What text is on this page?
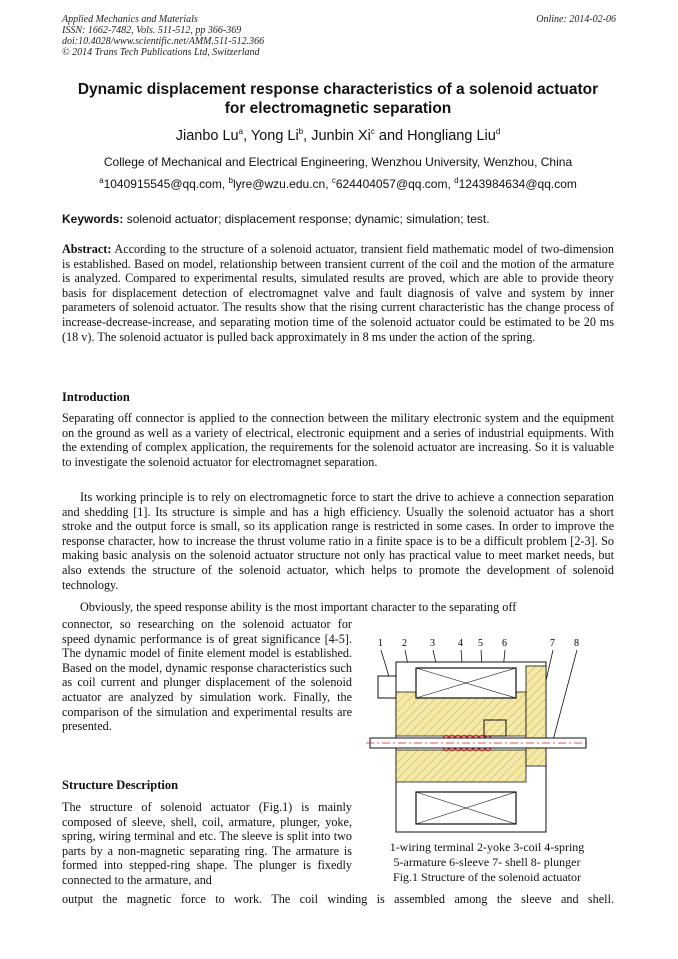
Applied Mechanics and Materials
ISSN: 1662-7482, Vols. 511-512, pp 366-369
doi:10.4028/www.scientific.net/AMM.511-512.366
© 2014 Trans Tech Publications Ltd, Switzerland
Online: 2014-02-06
Dynamic displacement response characteristics of a solenoid actuator
for electromagnetic separation
Jianbo Lu$^a$, Yong Li$^b$, Junbin Xi$^c$ and Hongliang Liu$^d$
College of Mechanical and Electrical Engineering, Wenzhou University, Wenzhou, China
$^a$1040915545@qq.com, $^b$lyre@wzu.edu.cn, $^c$624404057@qq.com, $^d$1243984634@qq.com
Keywords: solenoid actuator; displacement response; dynamic; simulation; test.
Abstract: According to the structure of a solenoid actuator, transient field mathematic model of two-dimension is established. Based on model, relationship between transient current of the coil and the motion of the armature is analyzed. Compared to experimental results, simulated results are proved, which are able to provide theory basis for displacement detection of electromagnet valve and fault diagnosis of valve and system by inner parameters of solenoid actuator. The results show that the rising current characteristic has the change process of increase-decrease-increase, and separating motion time of the solenoid actuator could be estimated to be 20 ms (18 v). The solenoid actuator is pulled back approximately in 8 ms under the action of the spring.
Introduction
Separating off connector is applied to the connection between the military electronic system and the equipment on the ground as well as a variety of electrical, electronic equipment and a series of industrial equipments. With the extending of complex application, the requirements for the solenoid actuator are increasing. So it is valuable to investigate the solenoid actuator for electromagnet separation.
Its working principle is to rely on electromagnetic force to start the drive to achieve a connection separation and shedding [1]. Its structure is simple and has a high efficiency. Usually the solenoid actuator has a short stroke and the output force is small, so its application range is restricted in some cases. In order to improve the response character, how to increase the thrust volume ratio in a finite space is to be a difficult problem [2-3]. So making basic analysis on the solenoid actuator structure not only has practical value to meet market needs, but also extends the structure of the solenoid actuator, which helps to promote the development of solenoid technology.
Obviously, the speed response ability is the most important character to the separating off
connector, so researching on the solenoid actuator for speed dynamic performance is of great significance [4-5]. The dynamic model of finite element model is established. Based on the model, dynamic response characteristics such as coil current and plunger displacement of the solenoid actuator are analyzed by simulation work. Finally, the comparison of the simulation and experimental results are presented.
Structure Description
The structure of solenoid actuator (Fig.1) is mainly composed of sleeve, shell, coil, armature, plunger, yoke, spring, wiring terminal and etc. The sleeve is split into two parts by a non-magnetic separating ring. The armature is formed into stepped-ring shape. The plunger is fixedly connected to the armature, and
output the magnetic force to work. The coil winding is assembled among the sleeve and shell.
1 2 3 4 5 6	7 8
1-wiring terminal 2-yoke 3-coil 4-spring
5-armature 6-sleeve 7- shell 8- plunger
Fig.1 Structure of the solenoid actuator
